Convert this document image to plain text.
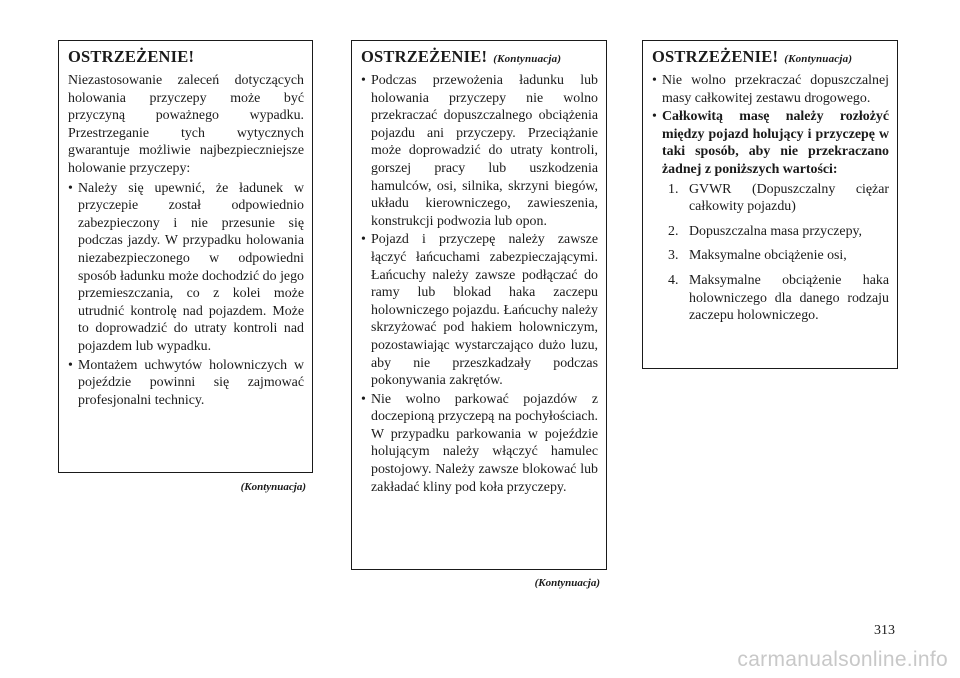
OSTRZEŻENIE!

Niezastosowanie zaleceń dotyczących holowania przyczepy może być przyczyną poważnego wypadku. Przestrzeganie tych wytycznych gwarantuje możliwie najbezpieczniejsze holowanie przyczepy:

• Należy się upewnić, że ładunek w przyczepie został odpowiednio zabezpieczony i nie przesunie się podczas jazdy. W przypadku holowania niezabezpieczonego w odpowiedni sposób ładunku może dochodzić do jego przemieszczania, co z kolei może utrudnić kontrolę nad pojazdem. Może to doprowadzić do utraty kontroli nad pojazdem lub wypadku.
• Montażem uchwytów holowniczych w pojeździe powinni się zajmować profesjonalni technicy.
(Kontynuacja)
OSTRZEŻENIE! (Kontynuacja)
• Podczas przewożenia ładunku lub holowania przyczepy nie wolno przekraczać dopuszczalnego obciążenia pojazdu ani przyczepy. Przeciążanie może doprowadzić do utraty kontroli, gorszej pracy lub uszkodzenia hamulców, osi, silnika, skrzyni biegów, układu kierowniczego, zawieszenia, konstrukcji podwozia lub opon.
• Pojazd i przyczepę należy zawsze łączyć łańcuchami zabezpieczającymi. Łańcuchy należy zawsze podłączać do ramy lub blokad haka zaczepu holowniczego pojazdu. Łańcuchy należy skrzyżować pod hakiem holowniczym, pozostawiając wystarczająco dużo luzu, aby nie przeszkadzały podczas pokonywania zakrętów.
• Nie wolno parkować pojazdów z doczepioną przyczepą na pochyłościach. W przypadku parkowania w pojeździe holującym należy włączyć hamulec postojowy. Należy zawsze blokować lub zakładać kliny pod koła przyczepy.
(Kontynuacja)
OSTRZEŻENIE! (Kontynuacja)
• Nie wolno przekraczać dopuszczalnej masy całkowitej zestawu drogowego.
• Całkowitą masę należy rozłożyć między pojazd holujący i przyczepę w taki sposób, aby nie przekraczano żadnej z poniższych wartości:
1. GVWR (Dopuszczalny ciężar całkowity pojazdu)
2. Dopuszczalna masa przyczepy,
3. Maksymalne obciążenie osi,
4. Maksymalne obciążenie haka holowniczego dla danego rodzaju zaczepu holowniczego.
313
carmanualsonline.info
